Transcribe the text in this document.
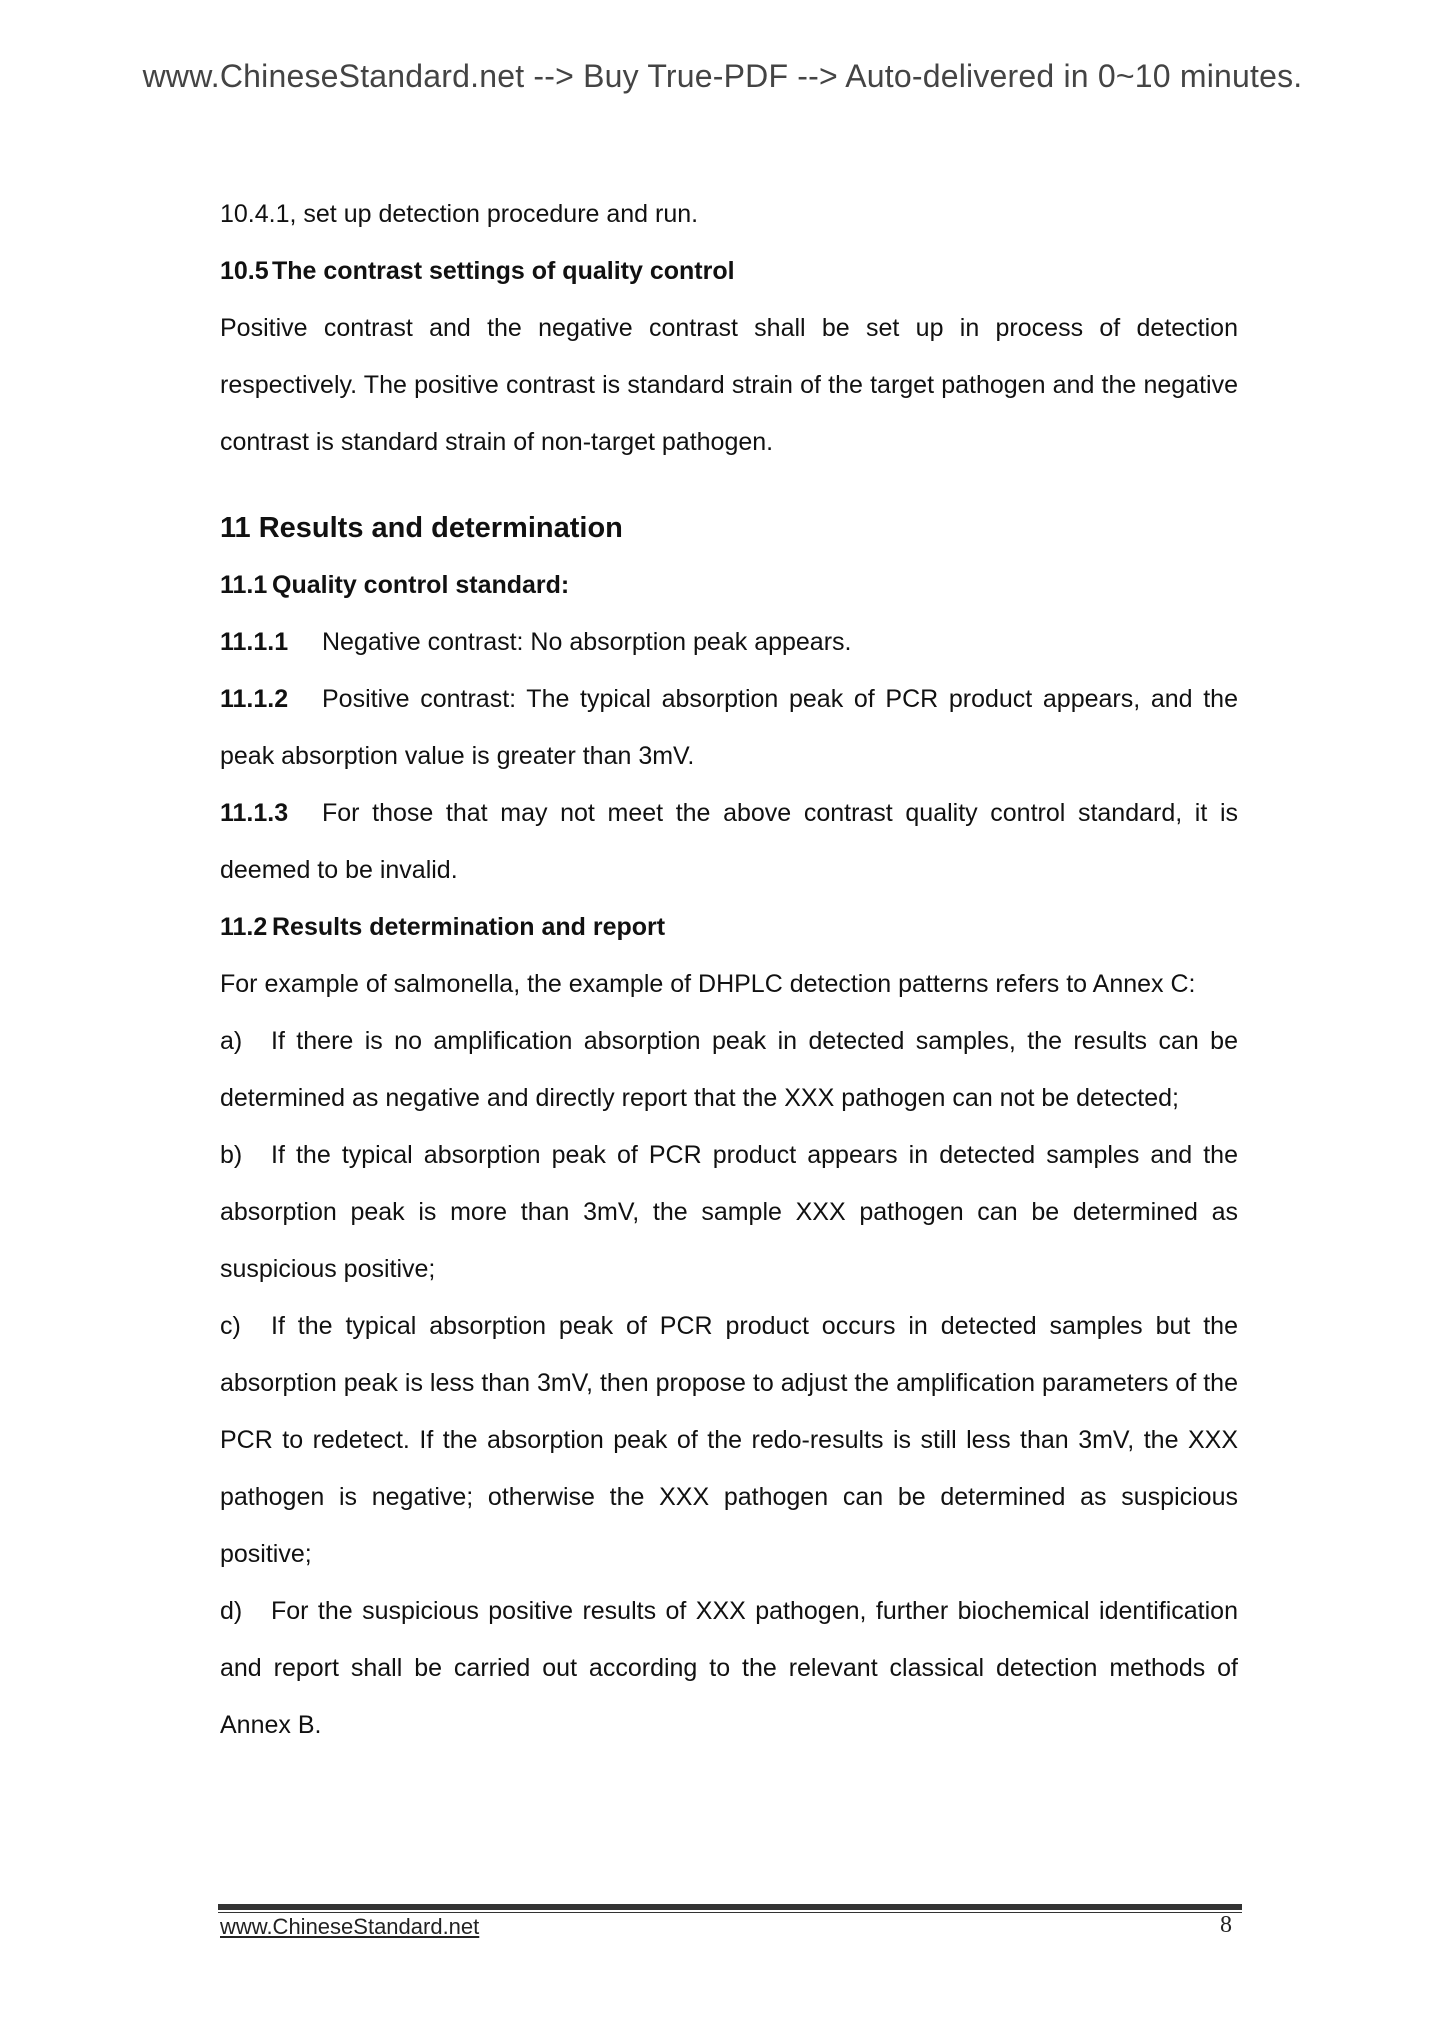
www.ChineseStandard.net --> Buy True-PDF --> Auto-delivered in 0~10 minutes.

10.4.1, set up detection procedure and run.

10.5 The contrast settings of quality control

Positive contrast and the negative contrast shall be set up in process of detection respectively. The positive contrast is standard strain of the target pathogen and the negative contrast is standard strain of non-target pathogen.

11 Results and determination

11.1 Quality control standard:

11.1.1 Negative contrast: No absorption peak appears.

11.1.2 Positive contrast: The typical absorption peak of PCR product appears, and the peak absorption value is greater than 3mV.

11.1.3 For those that may not meet the above contrast quality control standard, it is deemed to be invalid.

11.2 Results determination and report

For example of salmonella, the example of DHPLC detection patterns refers to Annex C:

a) If there is no amplification absorption peak in detected samples, the results can be determined as negative and directly report that the XXX pathogen can not be detected;

b) If the typical absorption peak of PCR product appears in detected samples and the absorption peak is more than 3mV, the sample XXX pathogen can be determined as suspicious positive;

c) If the typical absorption peak of PCR product occurs in detected samples but the absorption peak is less than 3mV, then propose to adjust the amplification parameters of the PCR to redetect. If the absorption peak of the redo-results is still less than 3mV, the XXX pathogen is negative; otherwise the XXX pathogen can be determined as suspicious positive;

d) For the suspicious positive results of XXX pathogen, further biochemical identification and report shall be carried out according to the relevant classical detection methods of Annex B.

www.ChineseStandard.net	8
